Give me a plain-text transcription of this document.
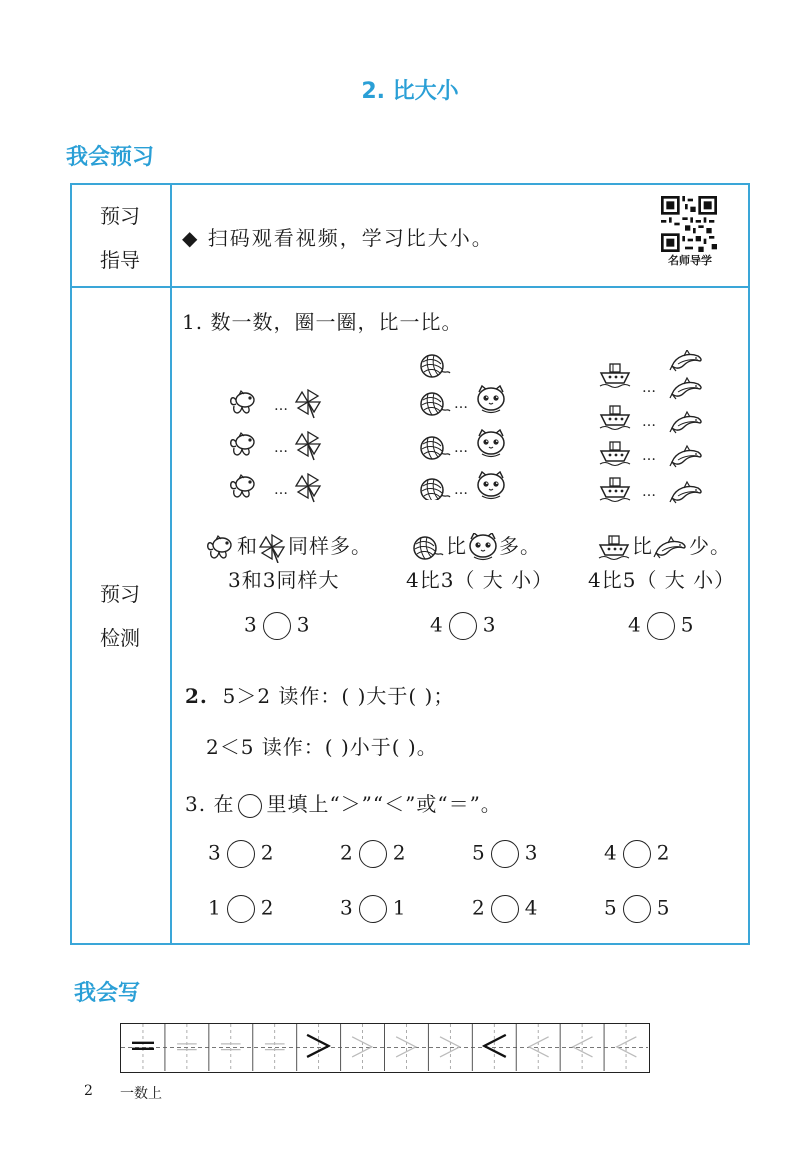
2. 比大小
我会预习
预习
指导
预习
检测
◆ 扫码观看视频，学习比大小。
名师导学
1. 数一数，圈一圈，比一比。
…
…
…
…
…
…
…
…
…
…
和 同样多。	比 多。	比 少。
3和3同样大	4比3（ 大 小） 4比5（ 大 小）
3 3	4 3	4 5
2. 5＞2 读作：( )大于( )；
2＜5 读作：( )小于( )。
3. 在 里填上“＞”“＜”或“＝”。
3 2	2 2	5 3	4 2
1 2	3 1	2 4	5 5
我会写
＝ ＝ ＝ ＝ ＞ ＞ ＞ ＞ ＜ ＜ ＜ ＜
2 一数上
